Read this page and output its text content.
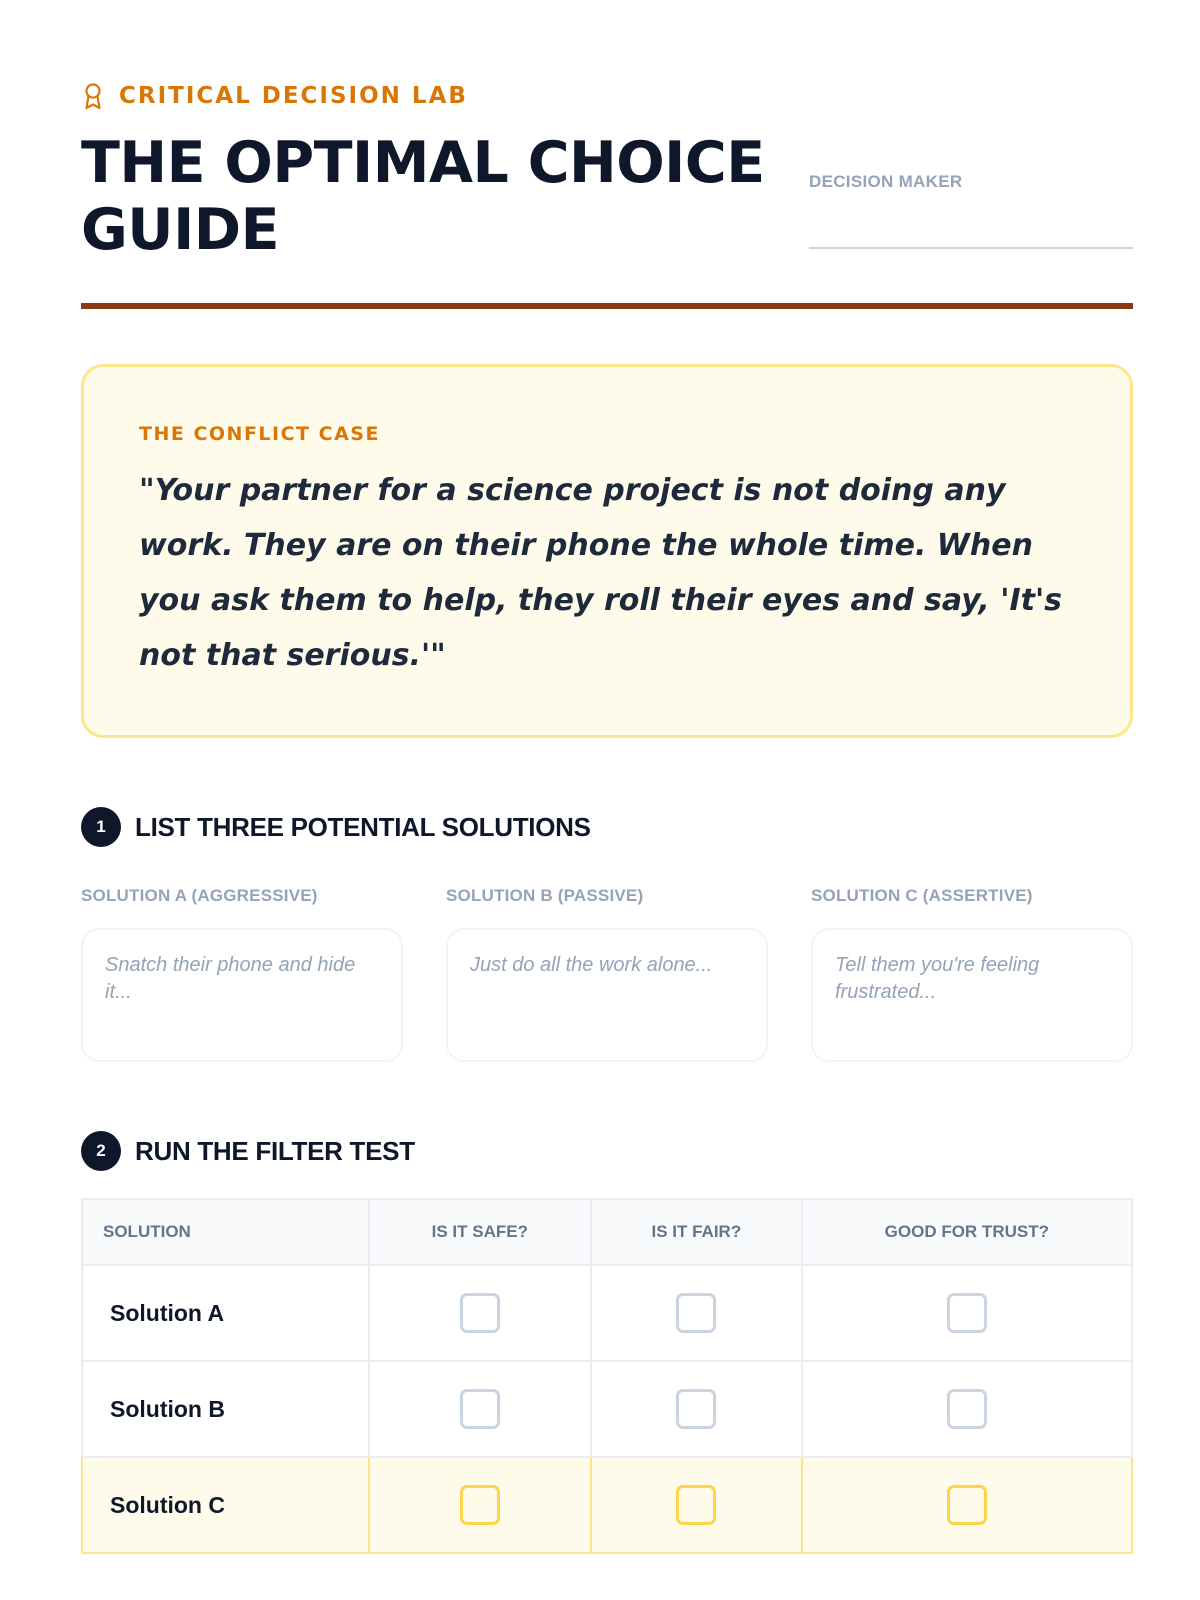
CRITICAL DECISION LAB
THE OPTIMAL CHOICE GUIDE
DECISION MAKER
THE CONFLICT CASE

"Your partner for a science project is not doing any work. They are on their phone the whole time. When you ask them to help, they roll their eyes and say, 'It's not that serious.'"

1	LIST THREE POTENTIAL SOLUTIONS
SOLUTION A (AGGRESSIVE)
Snatch their phone and hide it...	SOLUTION B (PASSIVE)
Just do all the work alone...	SOLUTION C (ASSERTIVE)
Tell them you're feeling frustrated...
2	RUN THE FILTER TEST
SOLUTION	IS IT SAFE?	IS IT FAIR?	GOOD FOR TRUST?
Solution A			
Solution B			
Solution C			
